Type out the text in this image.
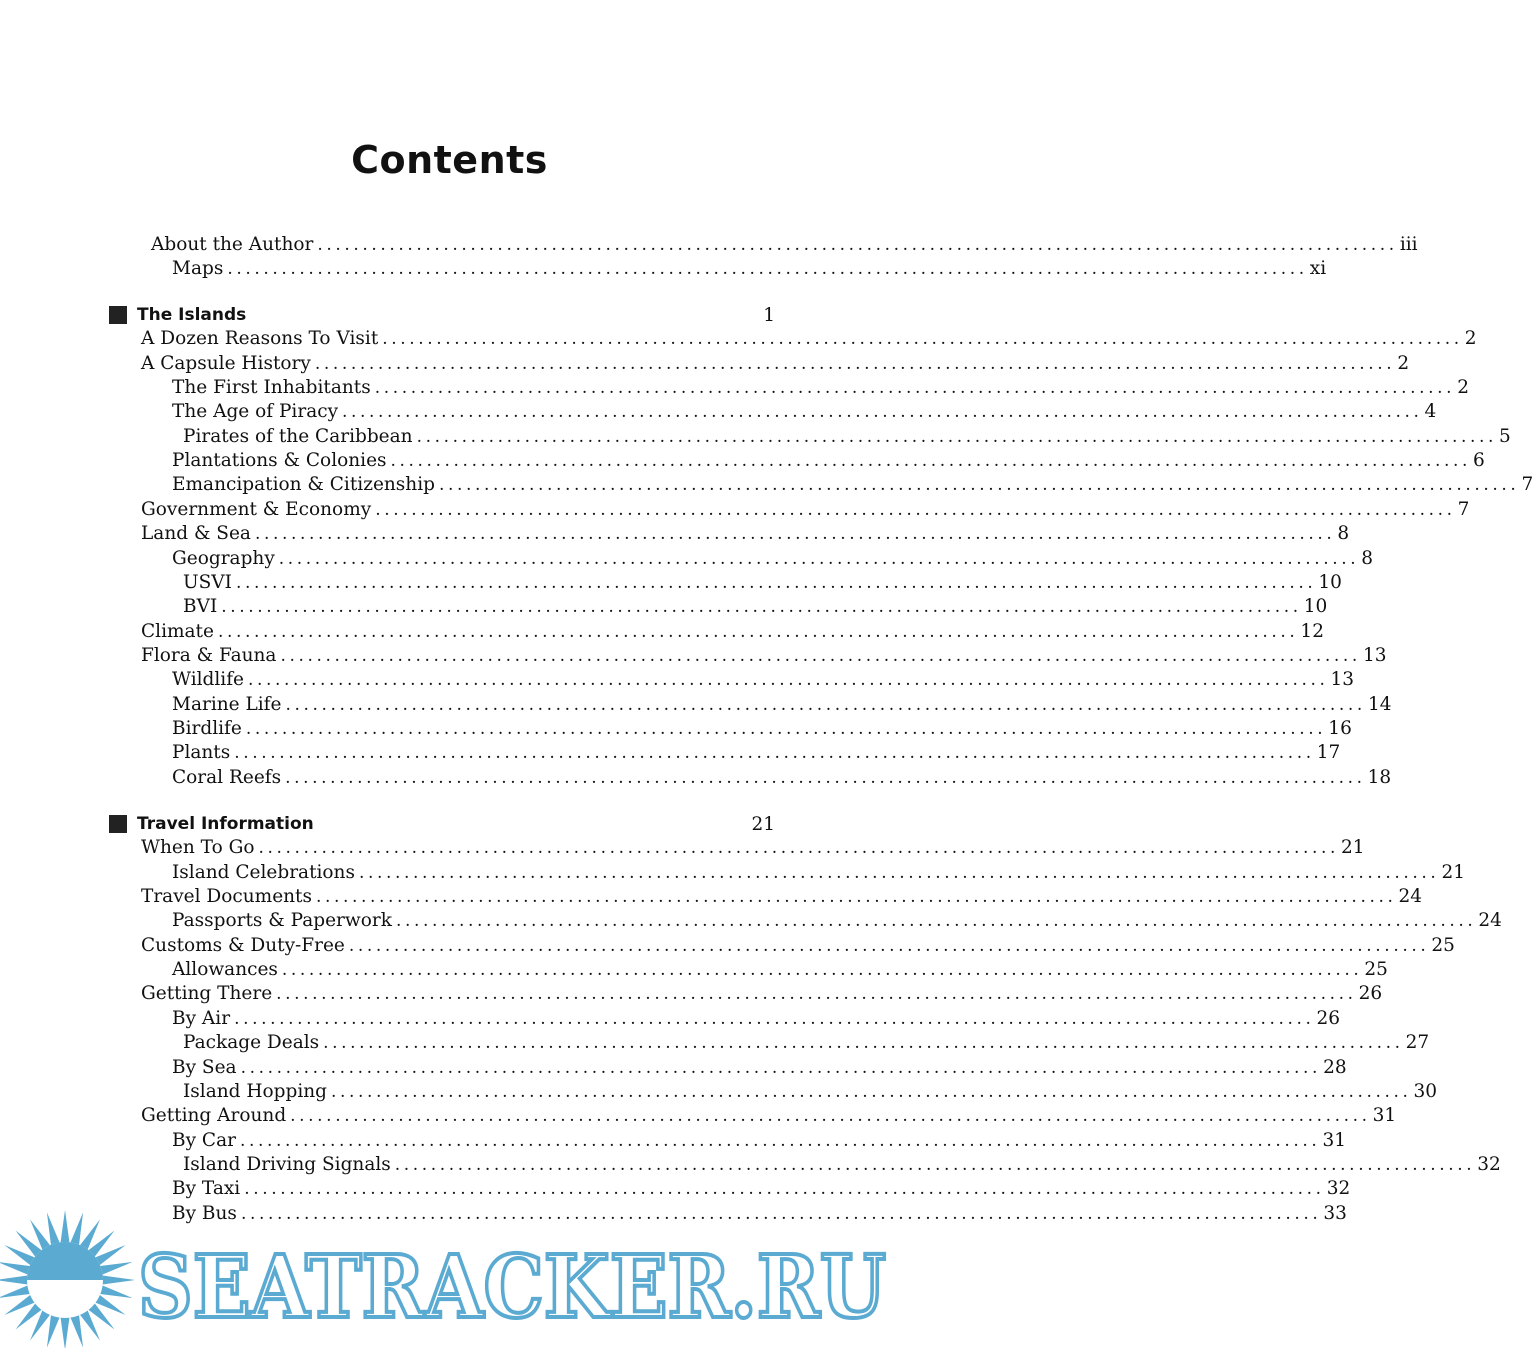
Contents
About the Author ........................................................................................................................ iii
Maps ........................................................................................................................ xi
The Islands	1
A Dozen Reasons To Visit ........................................................................................................................ 2
A Capsule History ........................................................................................................................ 2
The First Inhabitants ........................................................................................................................ 2
The Age of Piracy ........................................................................................................................ 4
Pirates of the Caribbean ........................................................................................................................ 5
Plantations & Colonies ........................................................................................................................ 6
Emancipation & Citizenship ........................................................................................................................ 7
Government & Economy ........................................................................................................................ 7
Land & Sea ........................................................................................................................ 8
Geography ........................................................................................................................ 8
USVI ........................................................................................................................ 10
BVI ........................................................................................................................ 10
Climate ........................................................................................................................ 12
Flora & Fauna ........................................................................................................................ 13
Wildlife ........................................................................................................................ 13
Marine Life ........................................................................................................................ 14
Birdlife ........................................................................................................................ 16
Plants ........................................................................................................................ 17
Coral Reefs ........................................................................................................................ 18
Travel Information	21
When To Go ........................................................................................................................ 21
Island Celebrations ........................................................................................................................ 21
Travel Documents ........................................................................................................................ 24
Passports & Paperwork ........................................................................................................................ 24
Customs & Duty-Free ........................................................................................................................ 25
Allowances ........................................................................................................................ 25
Getting There ........................................................................................................................ 26
By Air ........................................................................................................................ 26
Package Deals ........................................................................................................................ 27
By Sea ........................................................................................................................ 28
Island Hopping ........................................................................................................................ 30
Getting Around ........................................................................................................................ 31
By Car ........................................................................................................................ 31
Island Driving Signals ........................................................................................................................ 32
By Taxi ........................................................................................................................ 32
By Bus ........................................................................................................................ 33
SEATRACKER.RU
